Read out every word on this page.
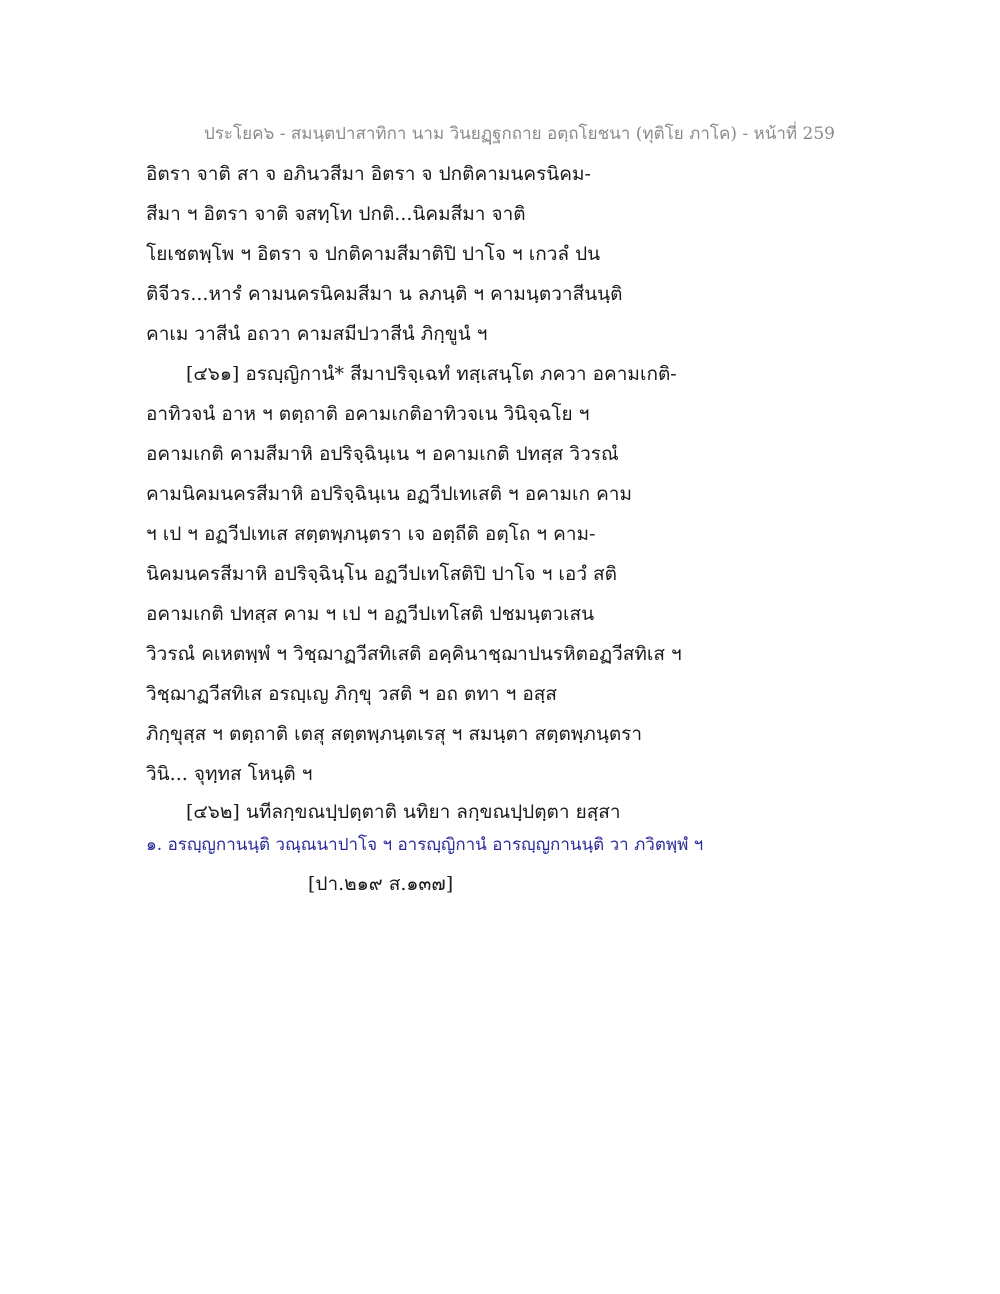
ประโยค๖ - สมนฺตปาสาทิกา นาม วินยฏฺฐกถาย อตฺถโยชนา (ทุติโย ภาโค) - หน้าที่ 259
อิตรา จาติ สา จ อภินวสีมา อิตรา จ ปกติคามนครนิคม-
สีมา ฯ อิตรา จาติ จสทฺโท ปกติ...นิคมสีมา จาติ
โยเชตพฺโพ ฯ อิตรา จ ปกติคามสีมาติปิ ปาโจ ฯ เกวลํ ปน
ติจีวร...หารํ คามนครนิคมสีมา น ลภนฺติ ฯ คามนฺตวาสีนนฺติ
คาเม วาสีนํ อถวา คามสมีปวาสีนํ ภิกฺขูนํ ฯ
[๔๖๑] อรญฺญิกานํ* สีมาปริจฺเฉทํ ทสฺเสนฺโต ภควา อคามเกติ-
อาทิวจนํ อาห ฯ ตตฺถาติ อคามเกติอาทิวจเน วินิจฺฉโย ฯ
อคามเกติ คามสีมาหิ อปริจฺฉินฺเน ฯ อคามเกติ ปทสฺส วิวรณํ
คามนิคมนครสีมาหิ อปริจฺฉินฺเน อฏวีปเทเสติ ฯ อคามเก คาม
ฯ เป ฯ อฏวีปเทเส สตฺตพฺภนฺตรา เจ อตฺถีติ อตฺโถ ฯ คาม-
นิคมนครสีมาหิ อปริจฺฉินฺโน อฏวีปเทโสติปิ ปาโจ ฯ เอวํ สติ
อคามเกติ ปทสฺส คาม ฯ เป ฯ อฏวีปเทโสติ ปชมนฺตวเสน
วิวรณํ คเหตพฺพํ ฯ วิชฺฌาฏวีสทิเสติ อคฺคินาชฺฌาปนรหิตอฏวีสทิเส ฯ
วิชฺฌาฏวีสทิเส อรญฺเญ ภิกฺขุ วสติ ฯ อถ ตทา ฯ อสฺส
ภิกฺขุสฺส ฯ ตตฺถาติ เตสุ สตฺตพฺภนฺตเรสุ ฯ สมนฺตา สตฺตพฺภนฺตรา
วินิ... จุทฺทส โหนฺติ ฯ
[๔๖๒] นทีลกฺขณปฺปตฺตาติ นทิยา ลกฺขณปฺปตฺตา ยสฺสา
๑. อรญฺญกานนฺติ วณฺณนาปาโจ ฯ อารญฺญิกานํ อารญฺญกานนฺติ วา ภวิตพฺพํ ฯ
[ปา.๒๑๙ ส.๑๓๗]
